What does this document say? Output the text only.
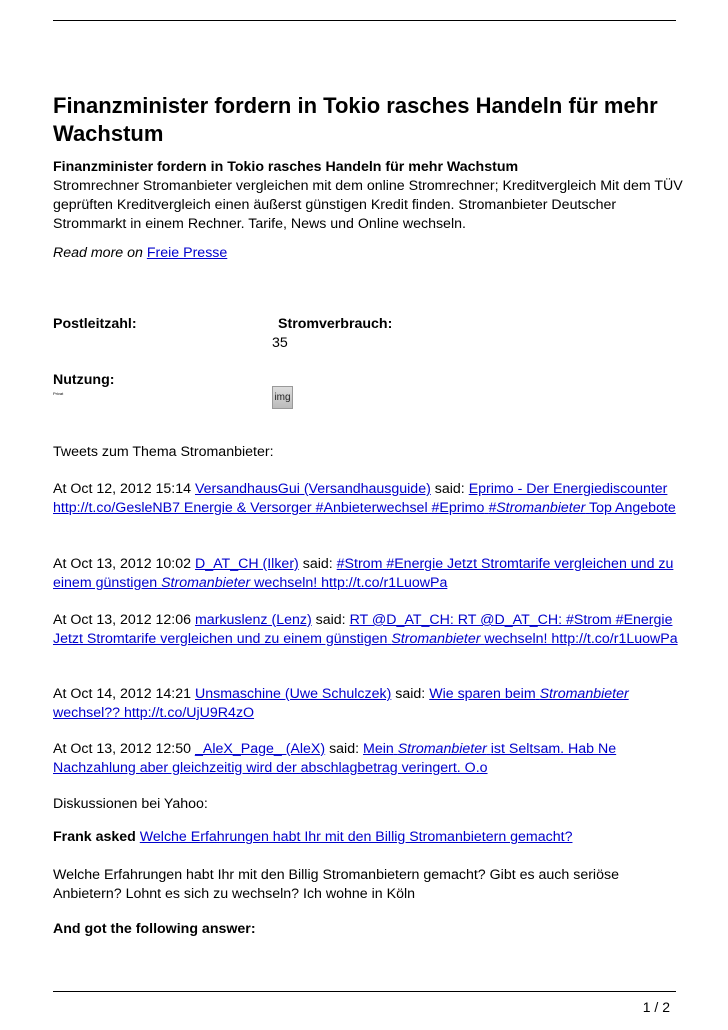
Finanzminister fordern in Tokio rasches Handeln für mehr Wachstum
Finanzminister fordern in Tokio rasches Handeln für mehr Wachstum
Stromrechner Stromanbieter vergleichen mit dem online Stromrechner; Kreditvergleich Mit dem TÜV geprüften Kreditvergleich einen äußerst günstigen Kredit finden. Stromanbieter Deutscher Strommarkt in einem Rechner. Tarife, News und Online wechseln.
Read more on Freie Presse
Postleitzahl:	Stromverbrauch:
35
Nutzung:
Privat	img
Tweets zum Thema Stromanbieter:
At Oct 12, 2012 15:14 VersandhausGui (Versandhausguide) said: Eprimo - Der Energiediscounter http://t.co/GesleNB7 Energie & Versorger #Anbieterwechsel #Eprimo #Stromanbieter Top Angebote
At Oct 13, 2012 10:02 D_AT_CH (Ilker) said: #Strom #Energie Jetzt Stromtarife vergleichen und zu einem günstigen Stromanbieter wechseln! http://t.co/r1LuowPa
At Oct 13, 2012 12:06 markuslenz (Lenz) said: RT @D_AT_CH: RT @D_AT_CH: #Strom #Energie Jetzt Stromtarife vergleichen und zu einem günstigen Stromanbieter wechseln! http://t.co/r1LuowPa
At Oct 14, 2012 14:21 Unsmaschine (Uwe Schulczek) said: Wie sparen beim Stromanbieter wechsel?? http://t.co/UjU9R4zO
At Oct 13, 2012 12:50 _AleX_Page_ (AleX) said: Mein Stromanbieter ist Seltsam. Hab Ne Nachzahlung aber gleichzeitig wird der abschlagbetrag veringert. O.o
Diskussionen bei Yahoo:
Frank asked Welche Erfahrungen habt Ihr mit den Billig Stromanbietern gemacht?
Welche Erfahrungen habt Ihr mit den Billig Stromanbietern gemacht? Gibt es auch seriöse Anbietern? Lohnt es sich zu wechseln? Ich wohne in Köln
And got the following answer:
1 / 2
